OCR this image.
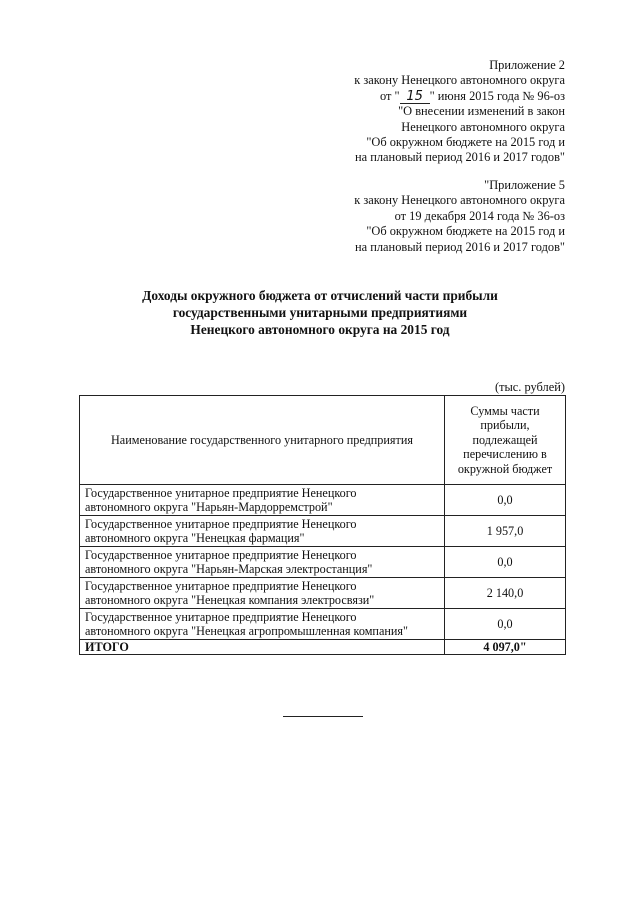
Приложение 2
к закону Ненецкого автономного округа
от " 15 " июня 2015 года № 96-оз
"О внесении изменений в закон
Ненецкого автономного округа
"Об окружном бюджете на 2015 год и
на плановый период 2016 и 2017 годов"
"Приложение 5
к закону Ненецкого автономного округа
от 19 декабря 2014 года № 36-оз
"Об окружном бюджете на 2015 год и
на плановый период 2016 и 2017 годов"
Доходы окружного бюджета от отчислений части прибыли
государственными унитарными предприятиями
Ненецкого автономного округа на 2015 год
(тыс. рублей)
Наименование государственного унитарного предприятия	Суммы части прибыли, подлежащей перечислению в окружной бюджет

Государственное унитарное предприятие Ненецкого
автономного округа "Нарьян-Мардорремстрой"	0,0

Государственное унитарное предприятие Ненецкого
автономного округа "Ненецкая фармация"	1 957,0

Государственное унитарное предприятие Ненецкого
автономного округа "Нарьян-Марская электростанция"	0,0

Государственное унитарное предприятие Ненецкого
автономного округа "Ненецкая компания электросвязи"	2 140,0

Государственное унитарное предприятие Ненецкого
автономного округа "Ненецкая агропромышленная компания"	0,0
ИТОГО	4 097,0"
